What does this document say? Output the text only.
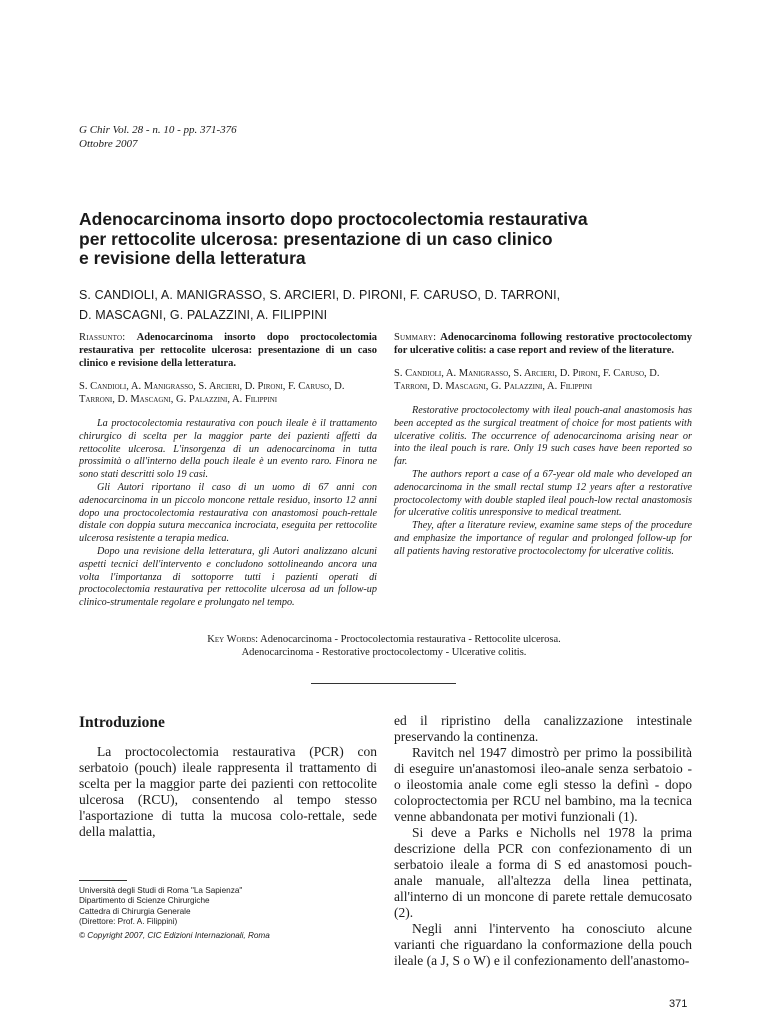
G Chir Vol. 28 - n. 10 - pp. 371-376
Ottobre 2007
Adenocarcinoma insorto dopo proctocolectomia restaurativa
per rettocolite ulcerosa: presentazione di un caso clinico
e revisione della letteratura
S. CANDIOLI, A. MANIGRASSO, S. ARCIERI, D. PIRONI, F. CARUSO, D. TARRONI,
D. MASCAGNI, G. PALAZZINI, A. FILIPPINI
Riassunto: Adenocarcinoma insorto dopo proctocolectomia restaurativa per rettocolite ulcerosa: presentazione di un caso clinico e revisione della letteratura.
S. Candioli, A. Manigrasso, S. Arcieri, D. Pironi, F. Caruso, D. Tarroni, D. Mascagni, G. Palazzini, A. Filippini

La proctocolectomia restaurativa con pouch ileale è il trattamento chirurgico di scelta per la maggior parte dei pazienti affetti da rettocolite ulcerosa. L'insorgenza di un adenocarcinoma in tutta prossimità o all'interno della pouch ileale è un evento raro. Finora ne sono stati descritti solo 19 casi.

Gli Autori riportano il caso di un uomo di 67 anni con adenocarcinoma in un piccolo moncone rettale residuo, insorto 12 anni dopo una proctocolectomia restaurativa con anastomosi pouch-rettale distale con doppia sutura meccanica incrociata, eseguita per rettocolite ulcerosa resistente a terapia medica.

Dopo una revisione della letteratura, gli Autori analizzano alcuni aspetti tecnici dell'intervento e concludono sottolineando ancora una volta l'importanza di sottoporre tutti i pazienti operati di proctocolectomia restaurativa per rettocolite ulcerosa ad un follow-up clinico-strumentale regolare e prolungato nel tempo.

Summary: Adenocarcinoma following restorative proctocolectomy for ulcerative colitis: a case report and review of the literature.
S. Candioli, A. Manigrasso, S. Arcieri, D. Pironi, F. Caruso, D. Tarroni, D. Mascagni, G. Palazzini, A. Filippini

Restorative proctocolectomy with ileal pouch-anal anastomosis has been accepted as the surgical treatment of choice for most patients with ulcerative colitis. The occurrence of adenocarcinoma arising near or into the ileal pouch is rare. Only 19 such cases have been reported so far.

The authors report a case of a 67-year old male who developed an adenocarcinoma in the small rectal stump 12 years after a restorative proctocolectomy with double stapled ileal pouch-low rectal anastomosis for ulcerative colitis unresponsive to medical treatment.

They, after a literature review, examine same steps of the procedure and emphasize the importance of regular and prolonged follow-up for all patients having restorative proctocolectomy for ulcerative colitis.

Key Words: Adenocarcinoma - Proctocolectomia restaurativa - Rettocolite ulcerosa.
Adenocarcinoma - Restorative proctocolectomy - Ulcerative colitis.
Introduzione

La proctocolectomia restaurativa (PCR) con serbatoio (pouch) ileale rappresenta il trattamento di scelta per la maggior parte dei pazienti con rettocolite ulcerosa (RCU), consentendo al tempo stesso l'asportazione di tutta la mucosa colo-rettale, sede della malattia,

ed il ripristino della canalizzazione intestinale preservando la continenza.

Ravitch nel 1947 dimostrò per primo la possibilità di eseguire un'anastomosi ileo-anale senza serbatoio - o ileostomia anale come egli stesso la definì - dopo coloproctectomia per RCU nel bambino, ma la tecnica venne abbandonata per motivi funzionali (1).

Si deve a Parks e Nicholls nel 1978 la prima descrizione della PCR con confezionamento di un serbatoio ileale a forma di S ed anastomosi pouch-anale manuale, all'altezza della linea pettinata, all'interno di un moncone di parete rettale demucosato (2).

Negli anni l'intervento ha conosciuto alcune varianti che riguardano la conformazione della pouch ileale (a J, S o W) e il confezionamento dell'anastomo-

Università degli Studi di Roma "La Sapienza"
Dipartimento di Scienze Chirurgiche
Cattedra di Chirurgia Generale
(Direttore: Prof. A. Filippini)
© Copyright 2007, CIC Edizioni Internazionali, Roma
371
